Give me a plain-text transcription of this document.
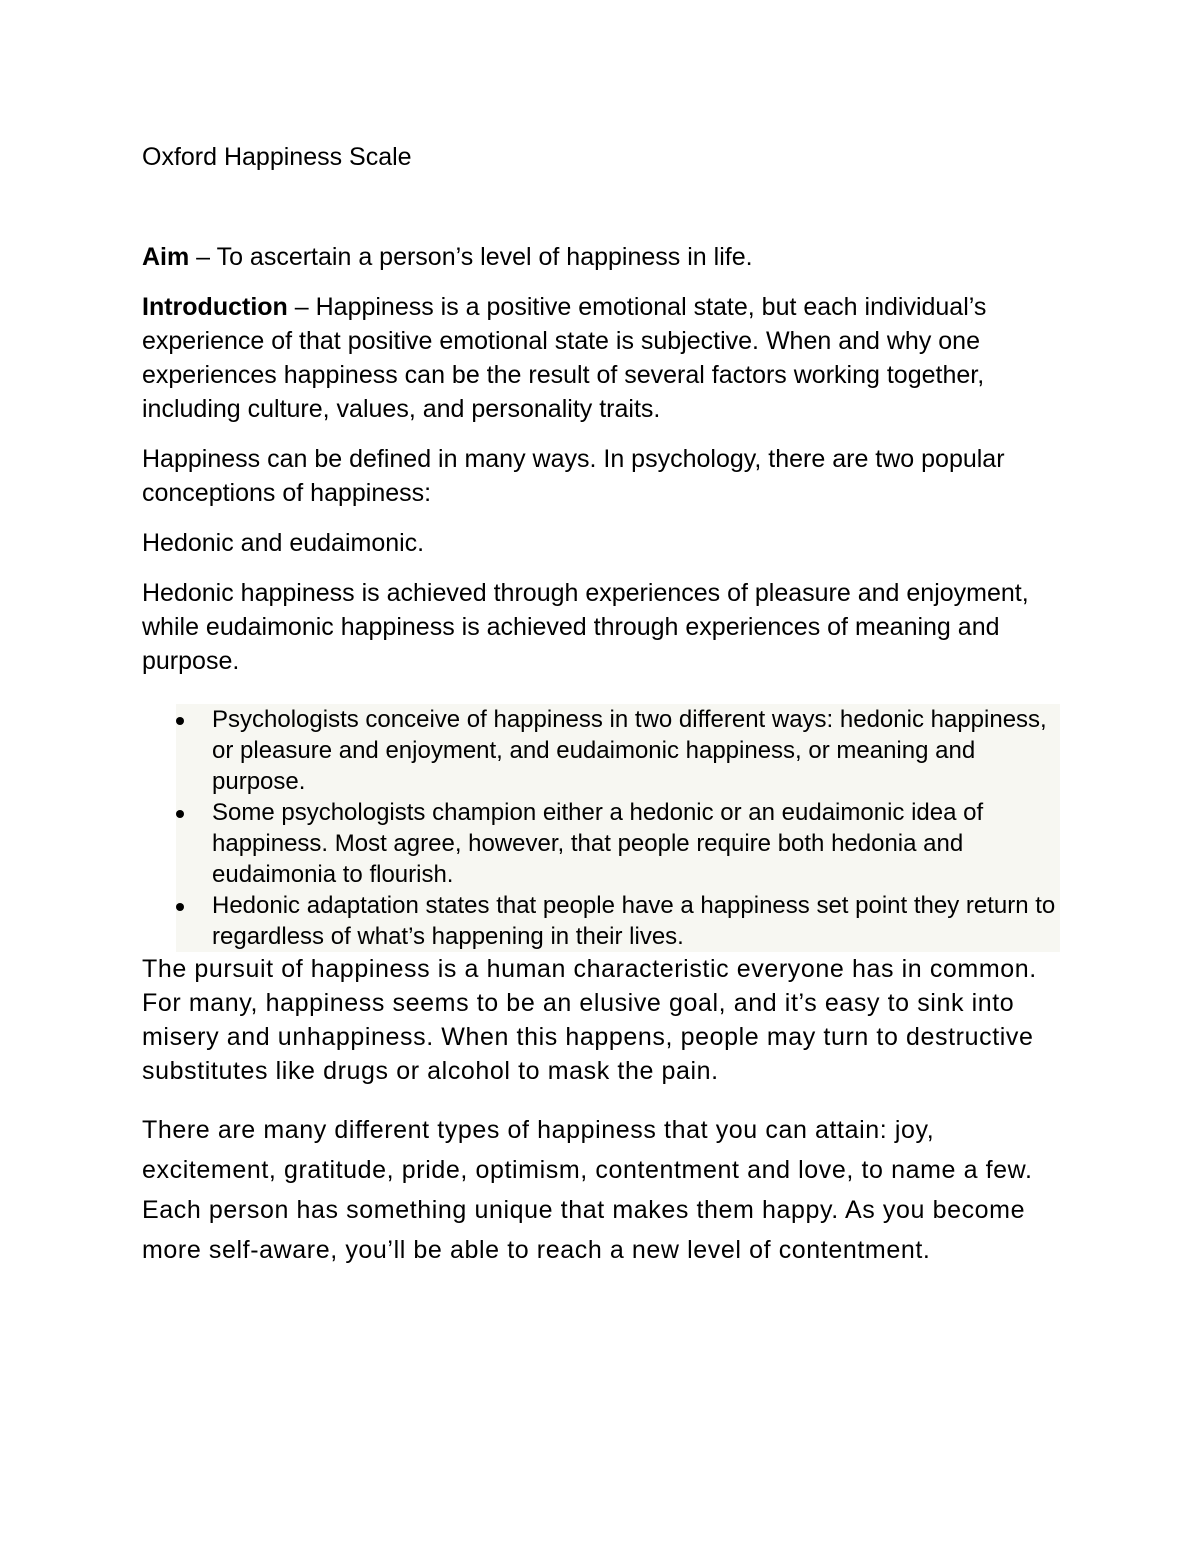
Oxford Happiness Scale

Aim – To ascertain a person’s level of happiness in life.

Introduction – Happiness is a positive emotional state, but each individual’s experience of that positive emotional state is subjective. When and why one experiences happiness can be the result of several factors working together, including culture, values, and personality traits.

Happiness can be defined in many ways. In psychology, there are two popular conceptions of happiness:

Hedonic and eudaimonic.

Hedonic happiness is achieved through experiences of pleasure and enjoyment, while eudaimonic happiness is achieved through experiences of meaning and purpose.

Psychologists conceive of happiness in two different ways: hedonic happiness, or pleasure and enjoyment, and eudaimonic happiness, or meaning and purpose.
Some psychologists champion either a hedonic or an eudaimonic idea of happiness. Most agree, however, that people require both hedonia and eudaimonia to flourish.
Hedonic adaptation states that people have a happiness set point they return to regardless of what’s happening in their lives.

The pursuit of happiness is a human characteristic everyone has in common. For many, happiness seems to be an elusive goal, and it’s easy to sink into misery and unhappiness. When this happens, people may turn to destructive substitutes like drugs or alcohol to mask the pain.

There are many different types of happiness that you can attain: joy, excitement, gratitude, pride, optimism, contentment and love, to name a few. Each person has something unique that makes them happy. As you become more self-aware, you’ll be able to reach a new level of contentment.
